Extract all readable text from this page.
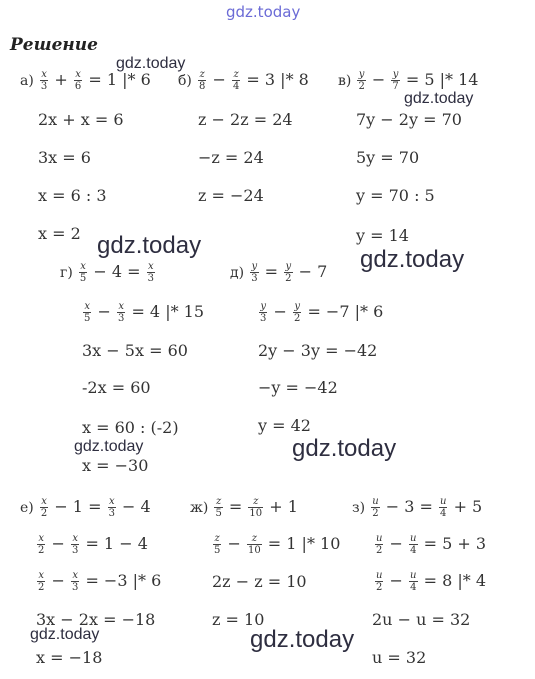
gdz.today
gdz.today
gdz.today
gdz.today
gdz.today
gdz.today	gdz.today
gdz.today	gdz.today
Решение
$а) \frac{x}{3} + \frac{x}{6} = 1$ |* 6
2x + x = 6
3x = 6
x = 6 : 3
x = 2
$б) \frac{z}{8} - \frac{z}{4} = 3$ |* 8
z − 2z = 24
−z = 24
z = −24
$в) \frac{y}{2} - \frac{y}{7} = 5$ |* 14
7y − 2y = 70
5y = 70
y = 70 : 5
y = 14
$г) \frac{x}{5} - 4 = \frac{x}{3}$
$\frac{x}{5} - \frac{x}{3} = 4$ |* 15
3x − 5x = 60
-2x = 60
x = 60 : (-2)
x = −30
$д) \frac{y}{3} = \frac{y}{2} - 7$
$\frac{y}{3} - \frac{y}{2} = -7$ |* 6
2y − 3y = −42
−y = −42
y = 42
$е) \frac{x}{2} - 1 = \frac{x}{3} - 4$
$\frac{x}{2} - \frac{x}{3} = 1 - 4$
$\frac{x}{2} - \frac{x}{3} = -3$ |* 6
3x − 2x = −18
x = −18
$ж) \frac{z}{5} = \frac{z}{10} + 1$
$\frac{z}{5} - \frac{z}{10} = 1$ |* 10
2z − z = 10
z = 10
$з) \frac{u}{2} - 3 = \frac{u}{4} + 5$
$\frac{u}{2} - \frac{u}{4} = 5 + 3$
$\frac{u}{2} - \frac{u}{4} = 8$ |* 4
2u − u = 32
u = 32
